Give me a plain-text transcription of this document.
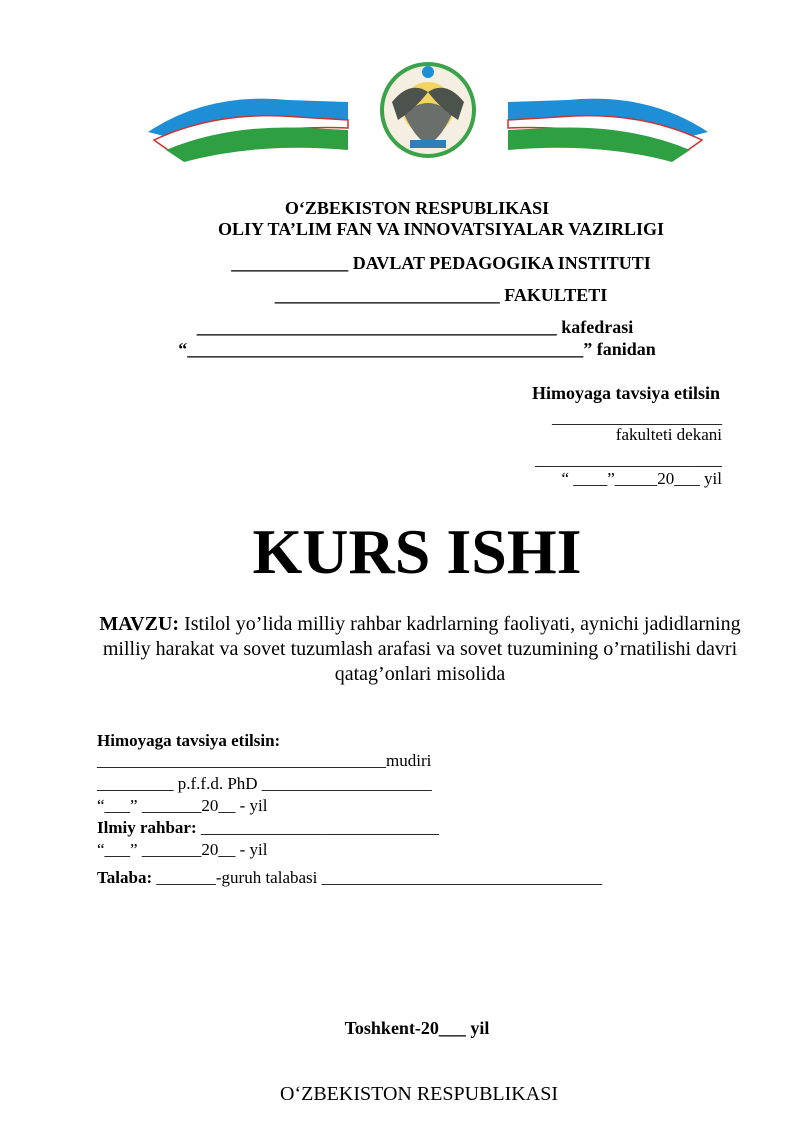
O‘ZBEKISTON RESPUBLIKASI
OLIY TA’LIM FAN VA INNOVATSIYALAR VAZIRLIGI
_____________ DAVLAT PEDAGOGIKA INSTITUTI
_________________________ FAKULTETI
________________________________________ kafedrasi
“____________________________________________” fanidan
Himoyaga tavsiya etilsin
____________________
fakulteti dekani
______________________
“ ____”_____20___ yil
KURS ISHI
MAVZU: Istilol yo’lida milliy rahbar kadrlarning faoliyati, aynichi jadidlarning milliy harakat va sovet tuzumlash arafasi va sovet tuzumining o’rnatilishi davri qatag’onlari misolida
Himoyaga tavsiya etilsin:
__________________________________mudiri
_________ p.f.f.d. PhD ____________________
“___” _______20__ - yil
Ilmiy rahbar: ____________________________
“___” _______20__ - yil
Talaba: _______-guruh talabasi _________________________________
Toshkent-20___ yil
O‘ZBEKISTON RESPUBLIKASI
